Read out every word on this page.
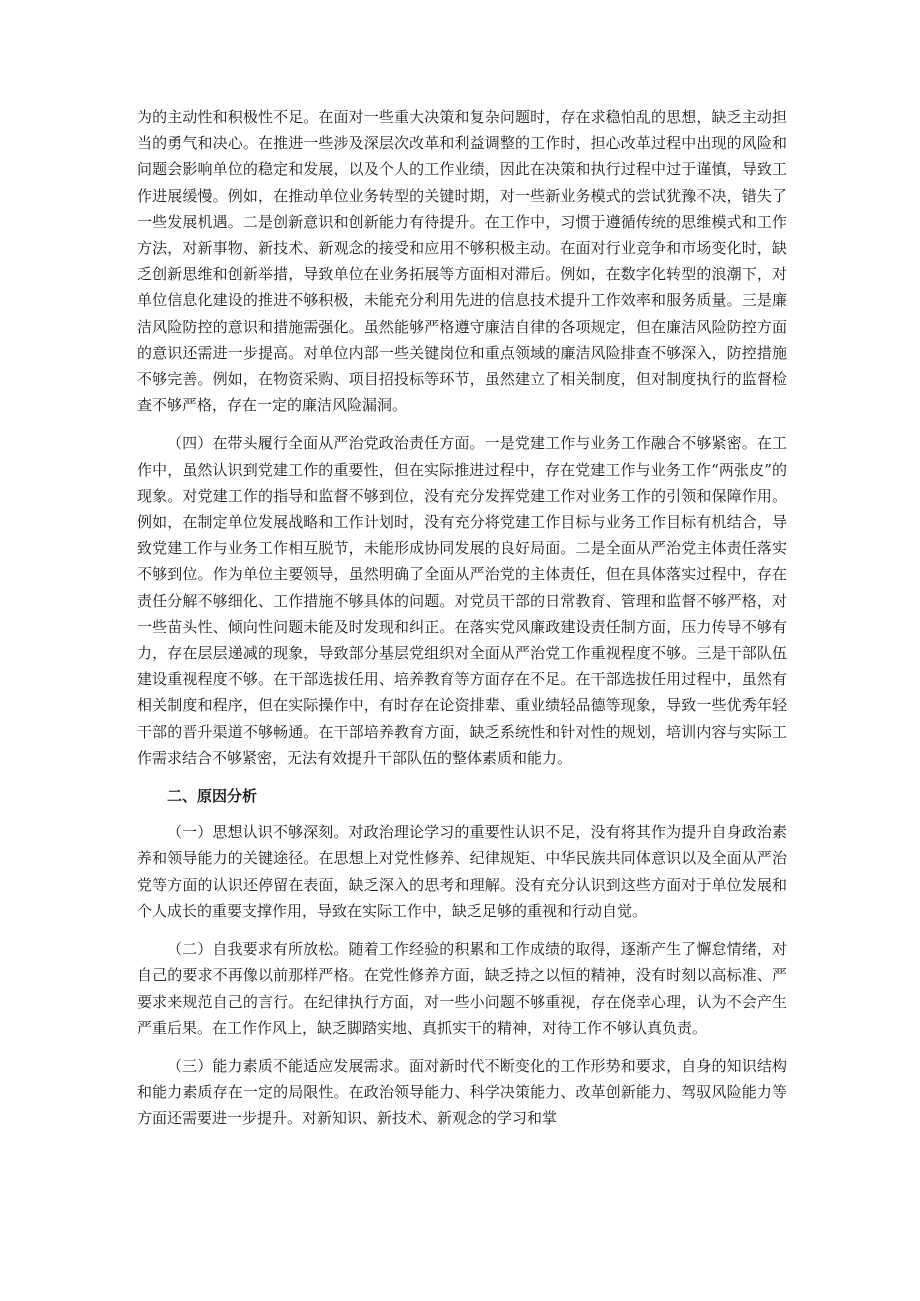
为的主动性和积极性不足。在面对一些重大决策和复杂问题时，存在求稳怕乱的思想，缺乏主动担当的勇气和决心。在推进一些涉及深层次改革和利益调整的工作时，担心改革过程中出现的风险和问题会影响单位的稳定和发展，以及个人的工作业绩，因此在决策和执行过程中过于谨慎，导致工作进展缓慢。例如，在推动单位业务转型的关键时期，对一些新业务模式的尝试犹豫不决，错失了一些发展机遇。二是创新意识和创新能力有待提升。在工作中，习惯于遵循传统的思维模式和工作方法，对新事物、新技术、新观念的接受和应用不够积极主动。在面对行业竞争和市场变化时，缺乏创新思维和创新举措，导致单位在业务拓展等方面相对滞后。例如，在数字化转型的浪潮下，对单位信息化建设的推进不够积极，未能充分利用先进的信息技术提升工作效率和服务质量。三是廉洁风险防控的意识和措施需强化。虽然能够严格遵守廉洁自律的各项规定，但在廉洁风险防控方面的意识还需进一步提高。对单位内部一些关键岗位和重点领域的廉洁风险排查不够深入，防控措施不够完善。例如，在物资采购、项目招投标等环节，虽然建立了相关制度，但对制度执行的监督检查不够严格，存在一定的廉洁风险漏洞。

（四）在带头履行全面从严治党政治责任方面。一是党建工作与业务工作融合不够紧密。在工作中，虽然认识到党建工作的重要性，但在实际推进过程中，存在党建工作与业务工作“两张皮”的现象。对党建工作的指导和监督不够到位，没有充分发挥党建工作对业务工作的引领和保障作用。例如，在制定单位发展战略和工作计划时，没有充分将党建工作目标与业务工作目标有机结合，导致党建工作与业务工作相互脱节，未能形成协同发展的良好局面。二是全面从严治党主体责任落实不够到位。作为单位主要领导，虽然明确了全面从严治党的主体责任，但在具体落实过程中，存在责任分解不够细化、工作措施不够具体的问题。对党员干部的日常教育、管理和监督不够严格，对一些苗头性、倾向性问题未能及时发现和纠正。在落实党风廉政建设责任制方面，压力传导不够有力，存在层层递减的现象，导致部分基层党组织对全面从严治党工作重视程度不够。三是干部队伍建设重视程度不够。在干部选拔任用、培养教育等方面存在不足。在干部选拔任用过程中，虽然有相关制度和程序，但在实际操作中，有时存在论资排辈、重业绩轻品德等现象，导致一些优秀年轻干部的晋升渠道不够畅通。在干部培养教育方面，缺乏系统性和针对性的规划，培训内容与实际工作需求结合不够紧密，无法有效提升干部队伍的整体素质和能力。

二、原因分析

（一）思想认识不够深刻。对政治理论学习的重要性认识不足，没有将其作为提升自身政治素养和领导能力的关键途径。在思想上对党性修养、纪律规矩、中华民族共同体意识以及全面从严治党等方面的认识还停留在表面，缺乏深入的思考和理解。没有充分认识到这些方面对于单位发展和个人成长的重要支撑作用，导致在实际工作中，缺乏足够的重视和行动自觉。

（二）自我要求有所放松。随着工作经验的积累和工作成绩的取得，逐渐产生了懈怠情绪，对自己的要求不再像以前那样严格。在党性修养方面，缺乏持之以恒的精神，没有时刻以高标准、严要求来规范自己的言行。在纪律执行方面，对一些小问题不够重视，存在侥幸心理，认为不会产生严重后果。在工作作风上，缺乏脚踏实地、真抓实干的精神，对待工作不够认真负责。

（三）能力素质不能适应发展需求。面对新时代不断变化的工作形势和要求，自身的知识结构和能力素质存在一定的局限性。在政治领导能力、科学决策能力、改革创新能力、驾驭风险能力等方面还需要进一步提升。对新知识、新技术、新观念的学习和掌
